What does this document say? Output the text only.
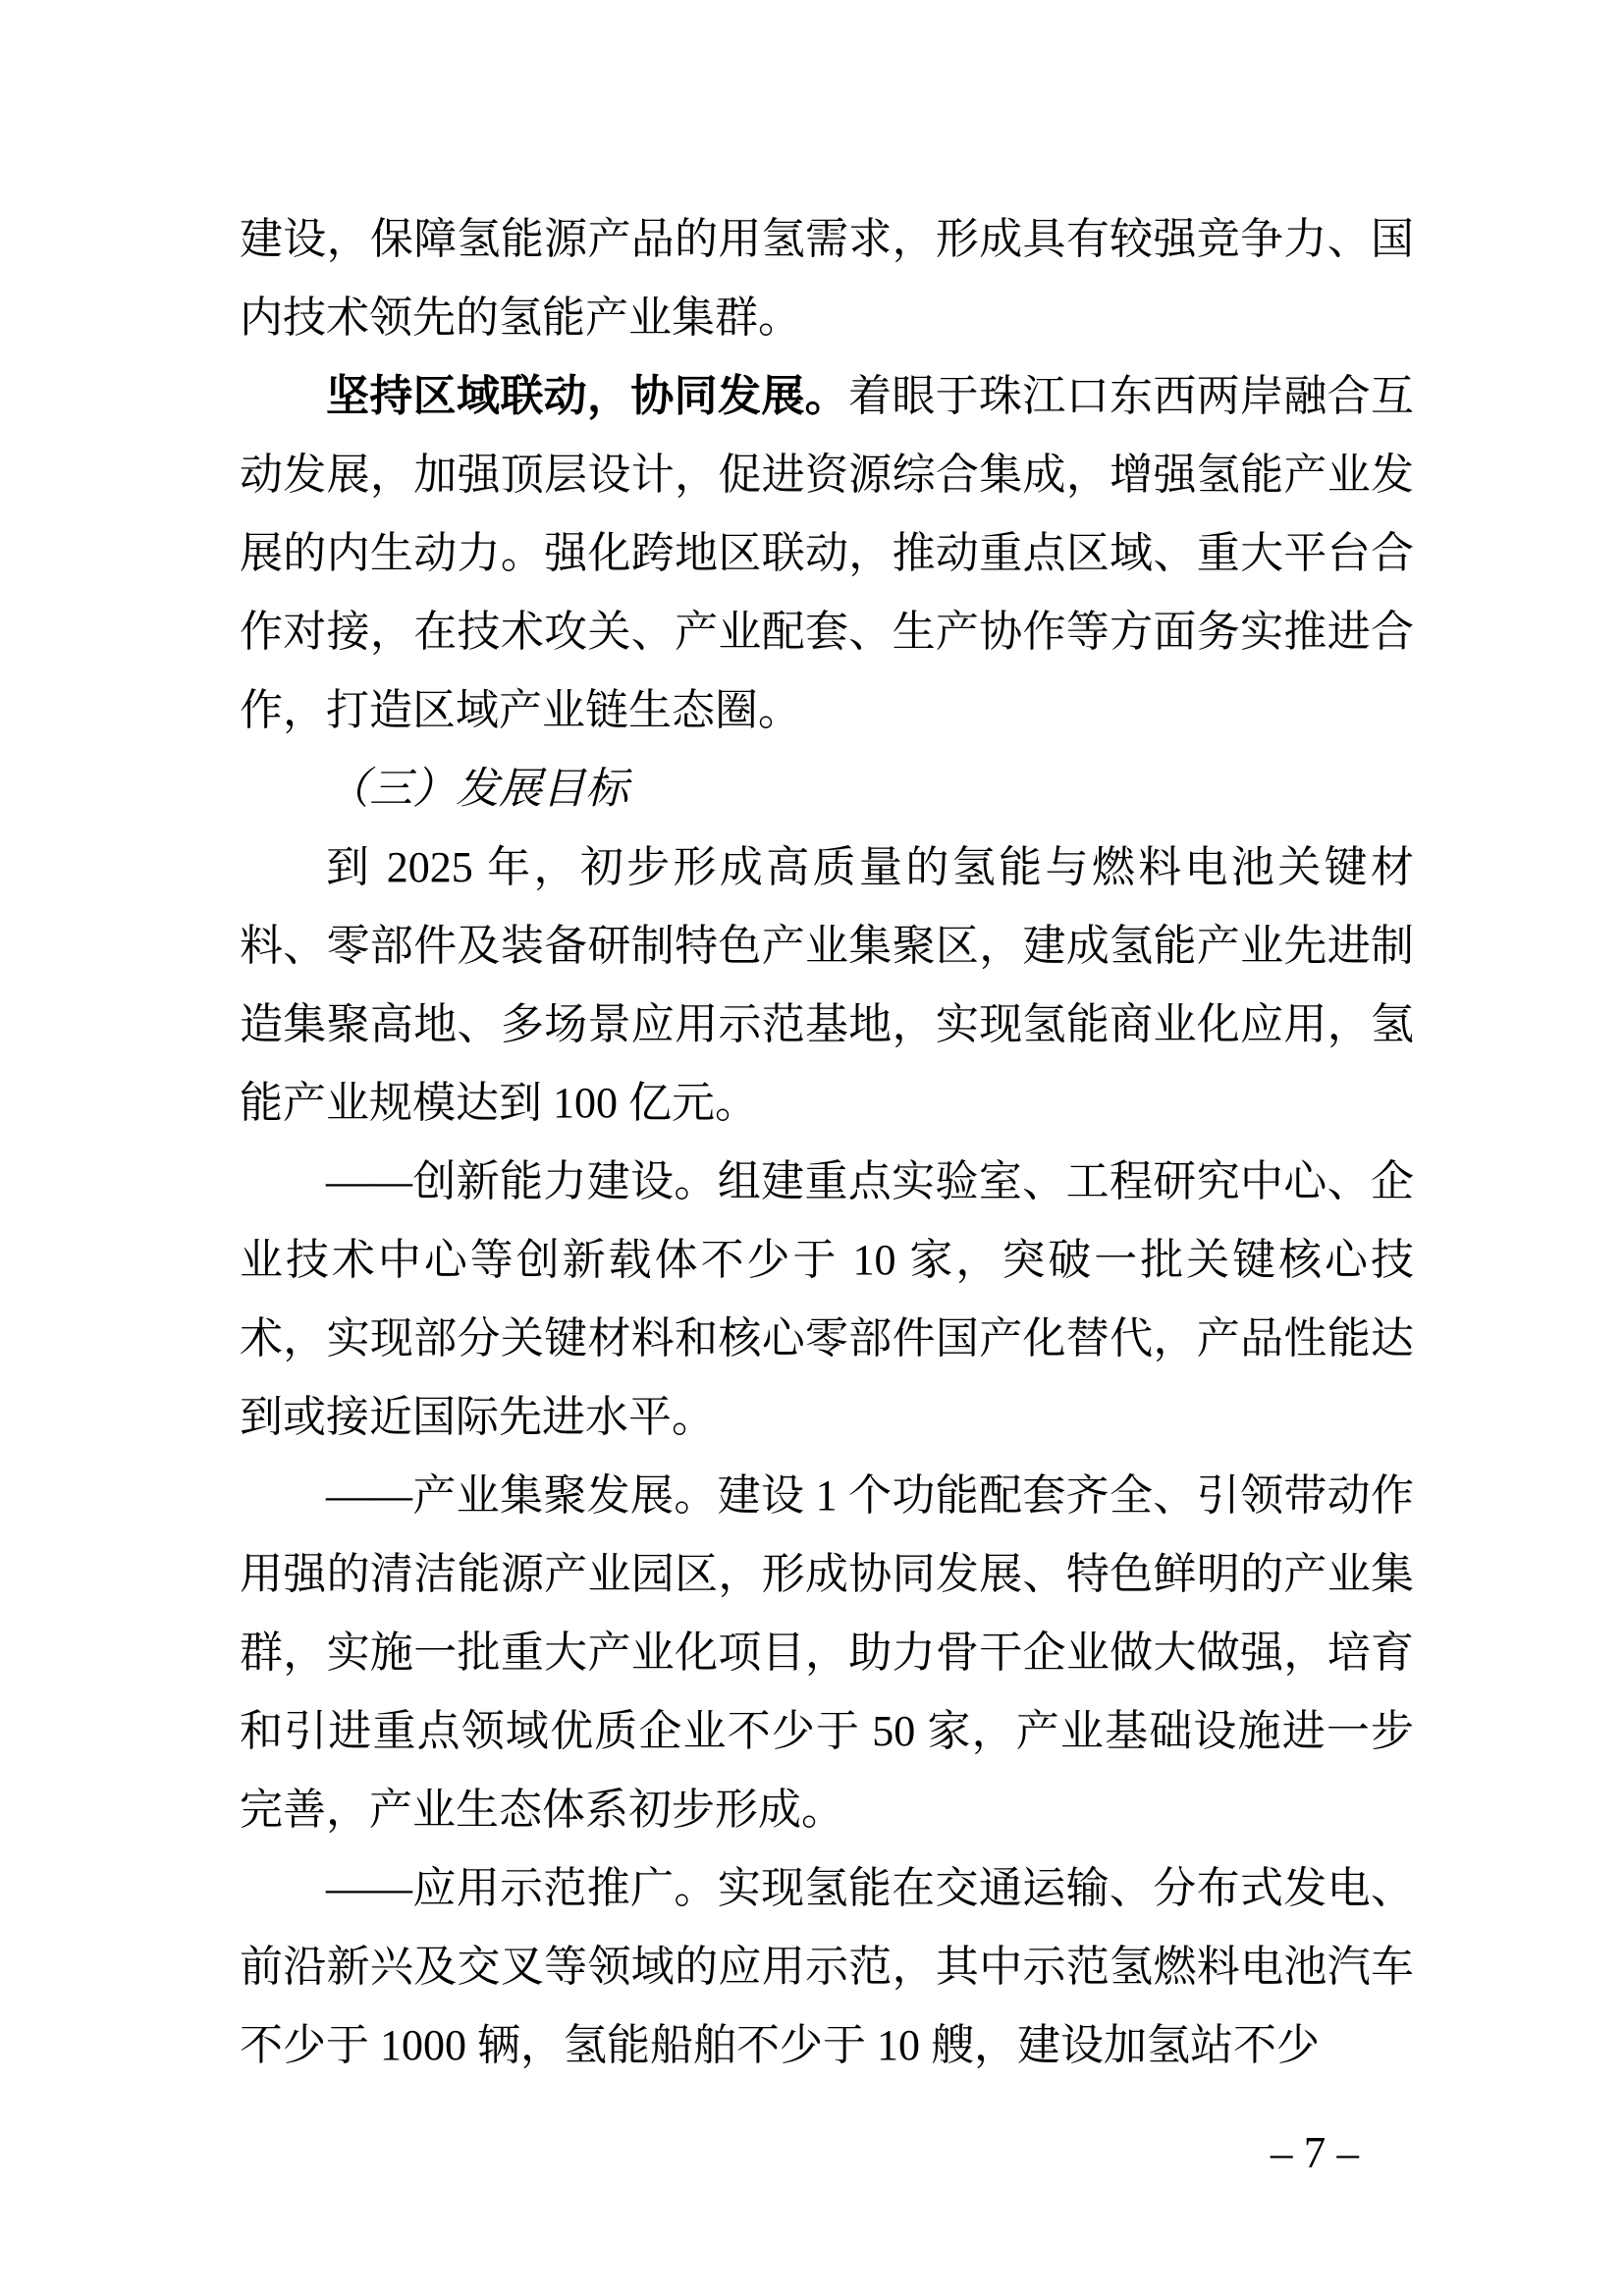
建设，保障氢能源产品的用氢需求，形成具有较强竞争力、国内技术领先的氢能产业集群。

坚持区域联动，协同发展。着眼于珠江口东西两岸融合互动发展，加强顶层设计，促进资源综合集成，增强氢能产业发展的内生动力。强化跨地区联动，推动重点区域、重大平台合作对接，在技术攻关、产业配套、生产协作等方面务实推进合作，打造区域产业链生态圈。

（三）发展目标

到 2025 年，初步形成高质量的氢能与燃料电池关键材料、零部件及装备研制特色产业集聚区，建成氢能产业先进制造集聚高地、多场景应用示范基地，实现氢能商业化应用，氢能产业规模达到 100 亿元。

——创新能力建设。组建重点实验室、工程研究中心、企业技术中心等创新载体不少于 10 家，突破一批关键核心技术，实现部分关键材料和核心零部件国产化替代，产品性能达到或接近国际先进水平。

——产业集聚发展。建设 1 个功能配套齐全、引领带动作用强的清洁能源产业园区，形成协同发展、特色鲜明的产业集群，实施一批重大产业化项目，助力骨干企业做大做强，培育和引进重点领域优质企业不少于 50 家，产业基础设施进一步完善，产业生态体系初步形成。

——应用示范推广。实现氢能在交通运输、分布式发电、前沿新兴及交叉等领域的应用示范，其中示范氢燃料电池汽车不少于 1000 辆，氢能船舶不少于 10 艘，建设加氢站不少

– 7 –
